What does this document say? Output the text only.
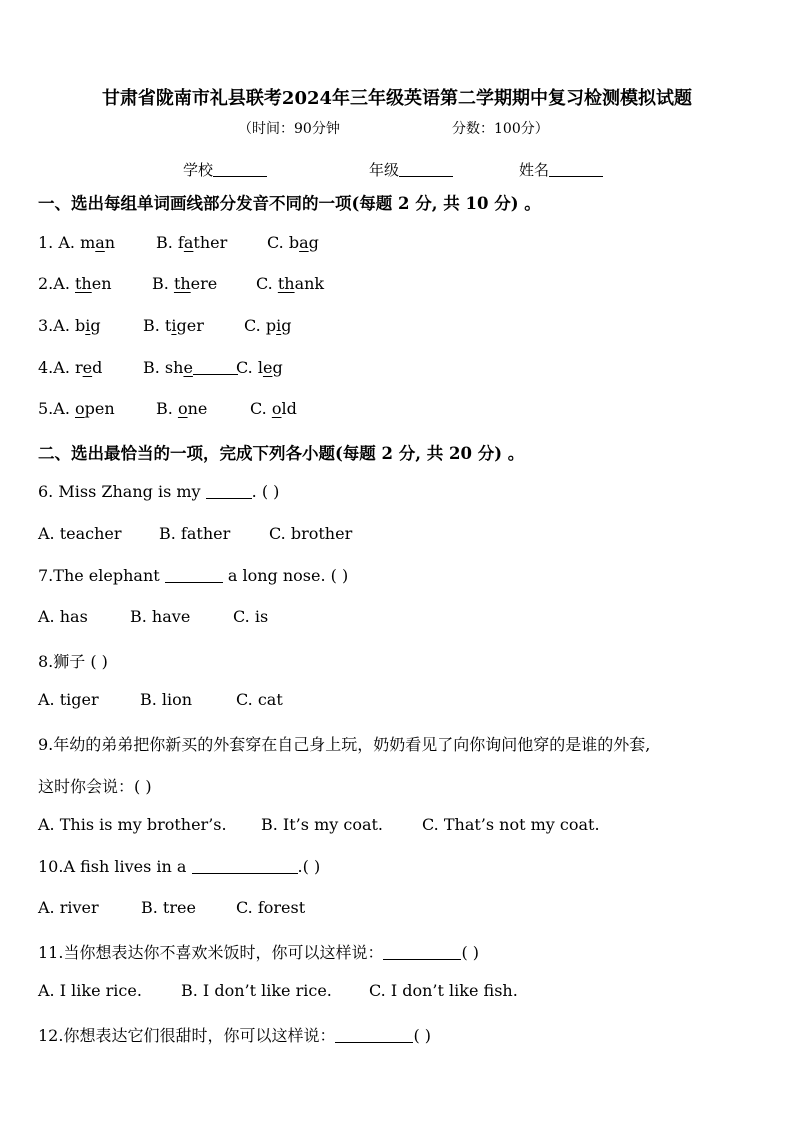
甘肃省陇南市礼县联考2024年三年级英语第二学期期中复习检测模拟试题
（时间：90分钟	分数：100分）
学校	年级	姓名
一、选出每组单词画线部分发音不同的一项(每题 2 分, 共 10 分) 。
1. A. man	B. father C. bag
2.A. then	B. there C. thank
3.A. big	B. tiger	C. pig
4.A. red	B. she	C. leg
5.A. open	B. one	C. old
二、选出最恰当的一项，完成下列各小题(每题 2 分, 共 20 分) 。
6. Miss Zhang is my	. ( )
A. teacher B. father C. brother
7.The elephant	a long nose. ( )
A. has	B. have	C. is
8.狮子 ( )
A. tiger	B. lion	C. cat
9.年幼的弟弟把你新买的外套穿在自己身上玩，奶奶看见了向你询问他穿的是谁的外套,
这时你会说：( )
A. This is my brother’s. B. It’s my coat. C. That’s not my coat.
10.A fish lives in a	.( )
A. river	B. tree	C. forest
11.当你想表达你不喜欢米饭时，你可以这样说：	( )
A. I like rice. B. I don’t like rice. C. I don’t like fish.
12.你想表达它们很甜时，你可以这样说：	( )
